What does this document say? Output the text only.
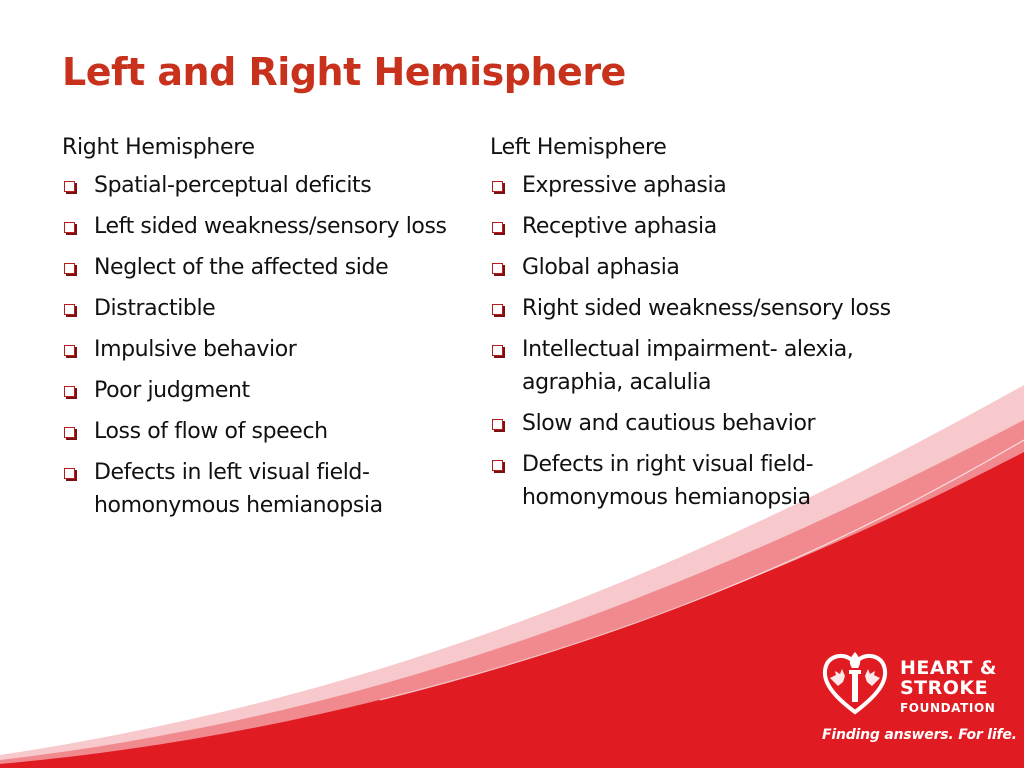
Left and Right Hemisphere
Right Hemisphere
Spatial-perceptual deficits
Left sided weakness/sensory loss
Neglect of the affected side
Distractible
Impulsive behavior
Poor judgment
Loss of flow of speech
Defects in left visual field- homonymous hemianopsia
Left Hemisphere
Expressive aphasia
Receptive aphasia
Global aphasia
Right sided weakness/sensory loss
Intellectual impairment- alexia, agraphia, acalulia
Slow and cautious behavior
Defects in right visual field- homonymous hemianopsia
HEART &
STROKE
FOUNDATION
Finding answers. For life.
